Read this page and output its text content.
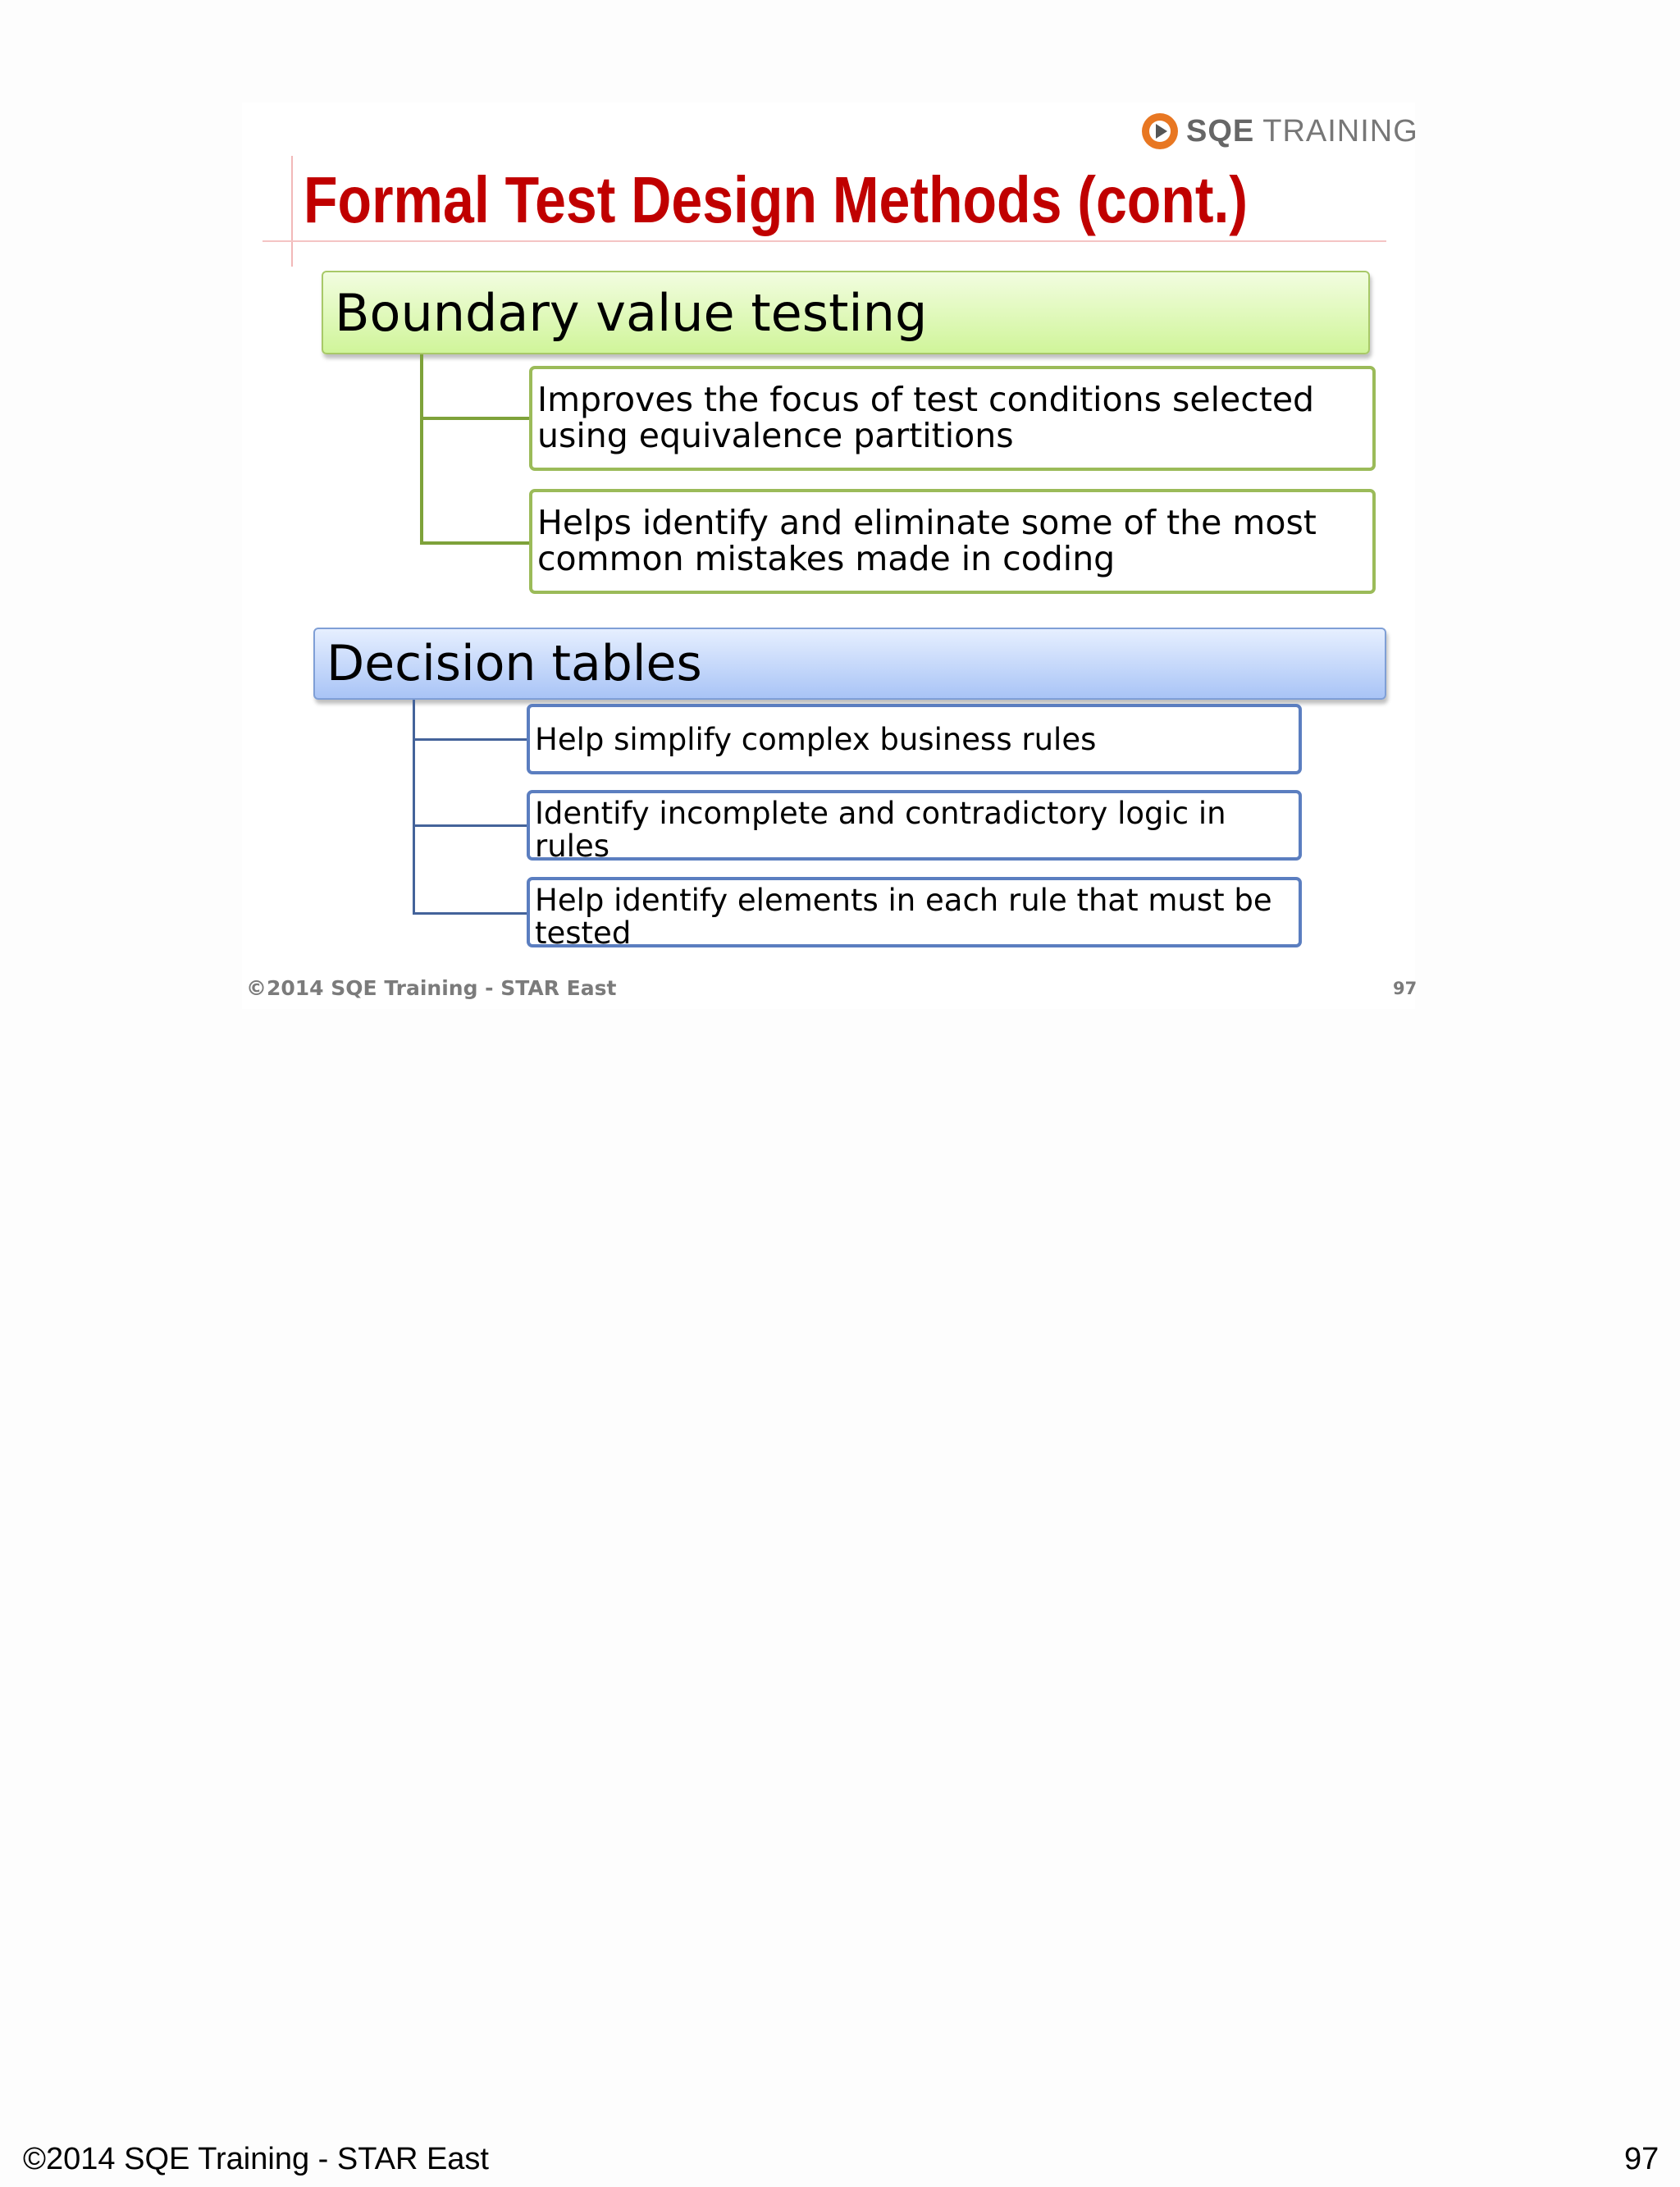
SQE TRAINING
Formal Test Design Methods (cont.)
Boundary value testing
Improves the focus of test conditions selected using equivalence partitions
Helps identify and eliminate some of the most common mistakes made in coding
Decision tables
Help simplify complex business rules
Identify incomplete and contradictory logic in rules
Help identify elements in each rule that must be tested
©2014 SQE Training - STAR East	97
©2014 SQE Training - STAR East	97
